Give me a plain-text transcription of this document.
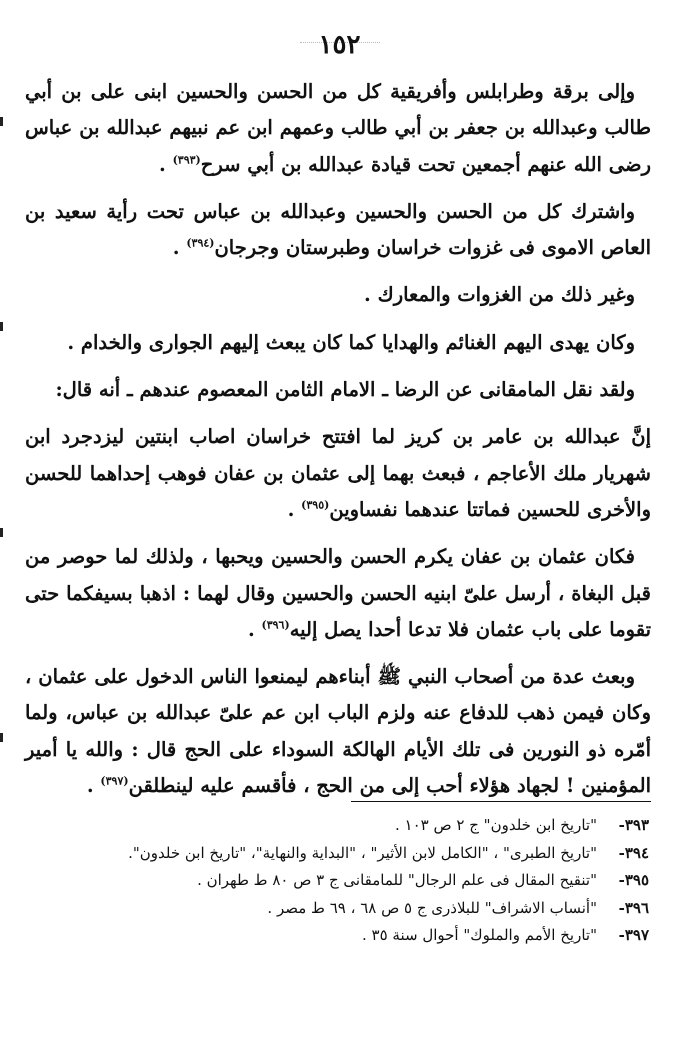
١٥٢

وإلى برقة وطرابلس وأفريقية كل من الحسن والحسين ابنى على بن أبي طالب وعبدالله بن جعفر بن أبي طالب وعمهم ابن عم نبيهم عبدالله بن عباس رضى الله عنهم أجمعين تحت قيادة عبدالله بن أبي سرح$^{(٣٩٣)}$ .

واشترك كل من الحسن والحسين وعبدالله بن عباس تحت رأية سعيد بن العاص الاموى فى غزوات خراسان وطبرستان وجرجان$^{(٣٩٤)}$ .

وغير ذلك من الغزوات والمعارك .

وكان يهدى اليهم الغنائم والهدايا كما كان يبعث إليهم الجوارى والخدام .

ولقد نقل المامقانى عن الرضا ـ الامام الثامن المعصوم عندهم ـ أنه قال:

إنَّ عبدالله بن عامر بن كريز لما افتتح خراسان اصاب ابنتين ليزدجرد ابن شهريار ملك الأعاجم ، فبعث بهما إلى عثمان بن عفان فوهب إحداهما للحسن والأخرى للحسين فماتتا عندهما نفساوين$^{(٣٩٥)}$ .

فكان عثمان بن عفان يكرم الحسن والحسين ويحبها ، ولذلك لما حوصر من قبل البغاة ، أرسل علىّ ابنيه الحسن والحسين وقال لهما : اذهبا بسيفكما حتى تقوما على باب عثمان فلا تدعا أحدا يصل إليه$^{(٣٩٦)}$ .

وبعث عدة من أصحاب النبي ﷺ أبناءهم ليمنعوا الناس الدخول على عثمان ، وكان فيمن ذهب للدفاع عنه ولزم الباب ابن عم علىّ عبدالله بن عباس، ولما أمّره ذو النورين فى تلك الأيام الهالكة السوداء على الحج قال : والله يا أمير المؤمنين ! لجهاد هؤلاء أحب إلى من الحج ، فأقسم عليه لينطلقن$^{(٣٩٧)}$ .

٣٩٣-"تاريخ ابن خلدون" ج ٢ ص ١٠٣ .
٣٩٤-"تاريخ الطبرى" ، "الكامل لابن الأثير" ، "البداية والنهاية"، "تاريخ ابن خلدون".
٣٩٥-"تنقيح المقال فى علم الرجال" للمامقانى ج ٣ ص ٨٠ ط طهران .
٣٩٦-"أنساب الاشراف" للبلاذرى ج ٥ ص ٦٨ ، ٦٩ ط مصر .
٣٩٧-"تاريخ الأمم والملوك" أحوال سنة ٣٥ .
